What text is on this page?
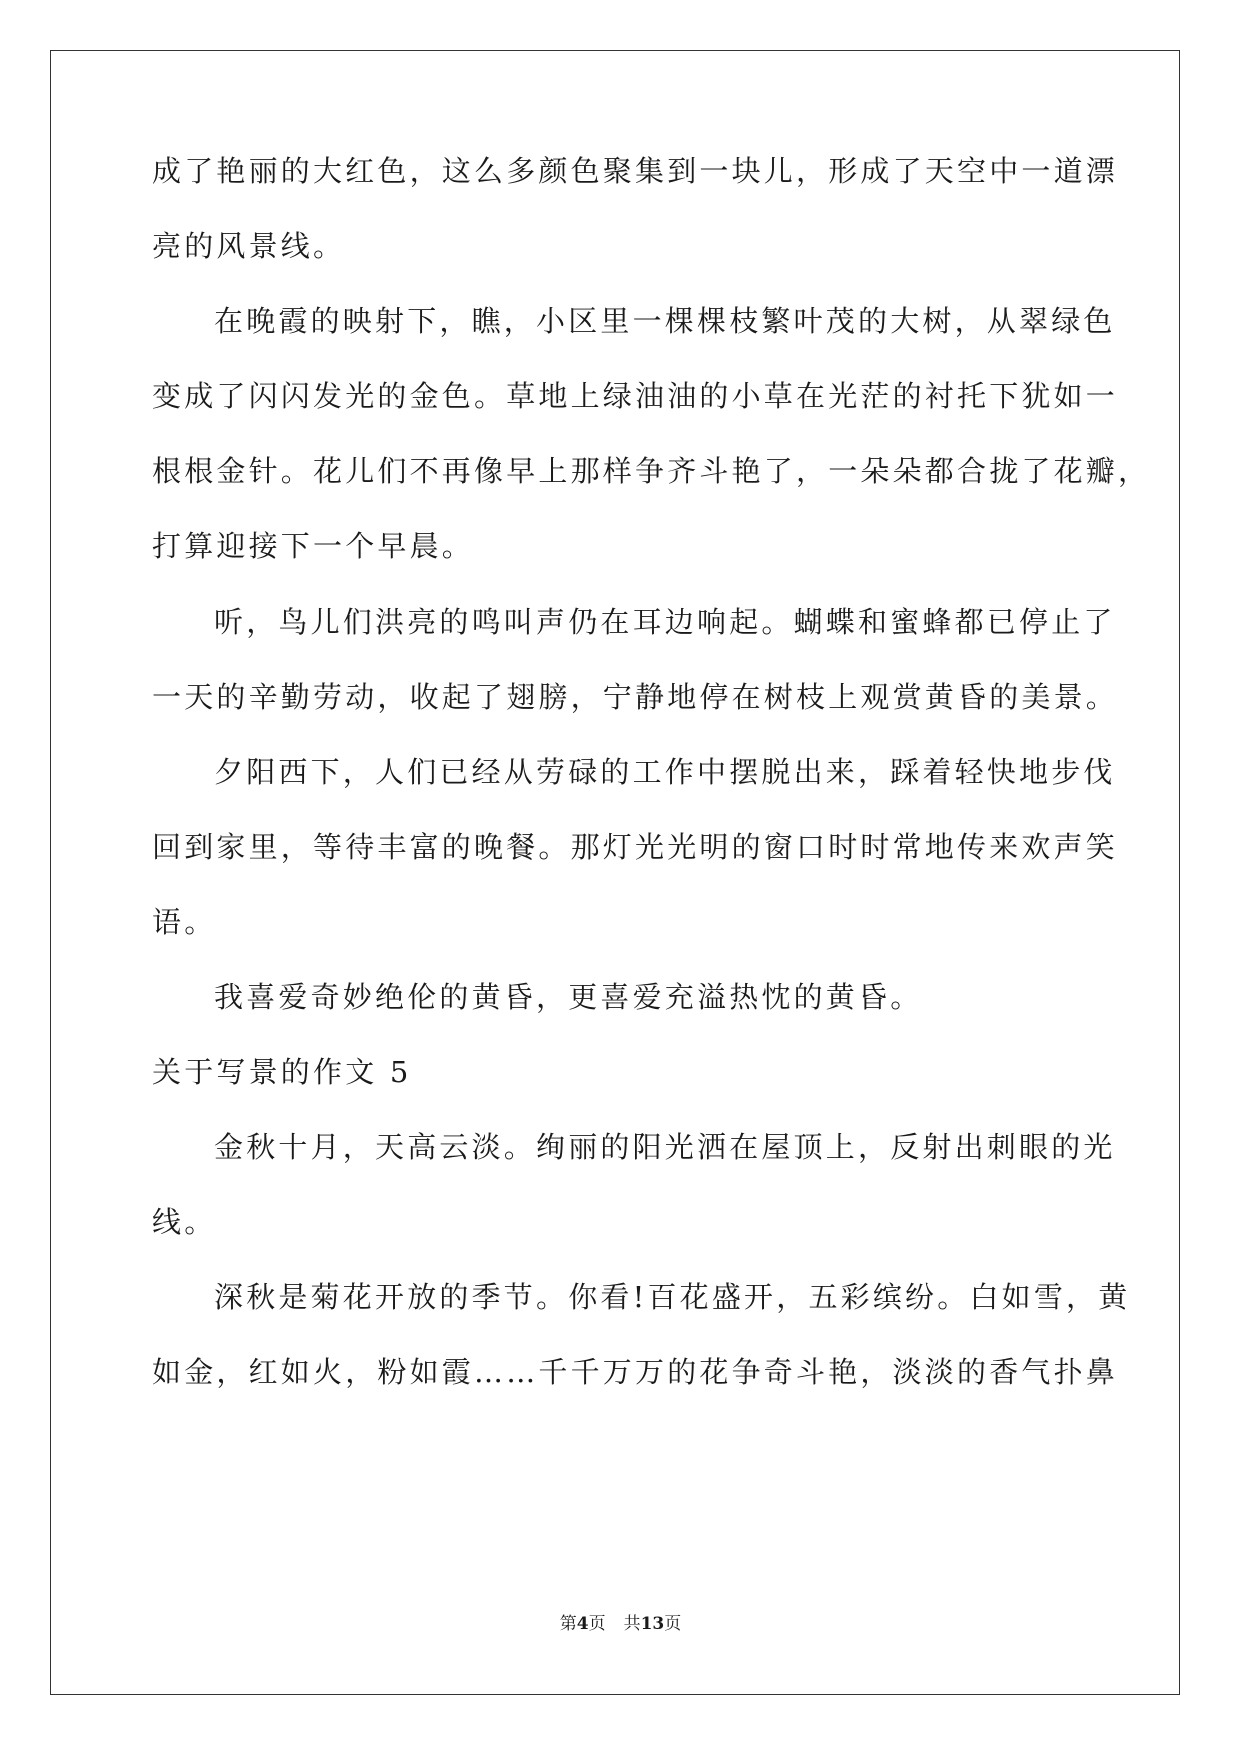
成了艳丽的大红色，这么多颜色聚集到一块儿，形成了天空中一道漂
亮的风景线。
在晚霞的映射下，瞧，小区里一棵棵枝繁叶茂的大树，从翠绿色
变成了闪闪发光的金色。草地上绿油油的小草在光茫的衬托下犹如一
根根金针。花儿们不再像早上那样争齐斗艳了，一朵朵都合拢了花瓣，
打算迎接下一个早晨。
听，鸟儿们洪亮的鸣叫声仍在耳边响起。蝴蝶和蜜蜂都已停止了
一天的辛勤劳动，收起了翅膀，宁静地停在树枝上观赏黄昏的美景。
夕阳西下，人们已经从劳碌的工作中摆脱出来，踩着轻快地步伐
回到家里，等待丰富的晚餐。那灯光光明的窗口时时常地传来欢声笑
语。
我喜爱奇妙绝伦的黄昏，更喜爱充溢热忱的黄昏。
关于写景的作文 5
金秋十月，天高云淡。绚丽的阳光洒在屋顶上，反射出刺眼的光
线。
深秋是菊花开放的季节。你看!百花盛开，五彩缤纷。白如雪，黄
如金，红如火，粉如霞……千千万万的花争奇斗艳，淡淡的香气扑鼻
第4页 共13页
